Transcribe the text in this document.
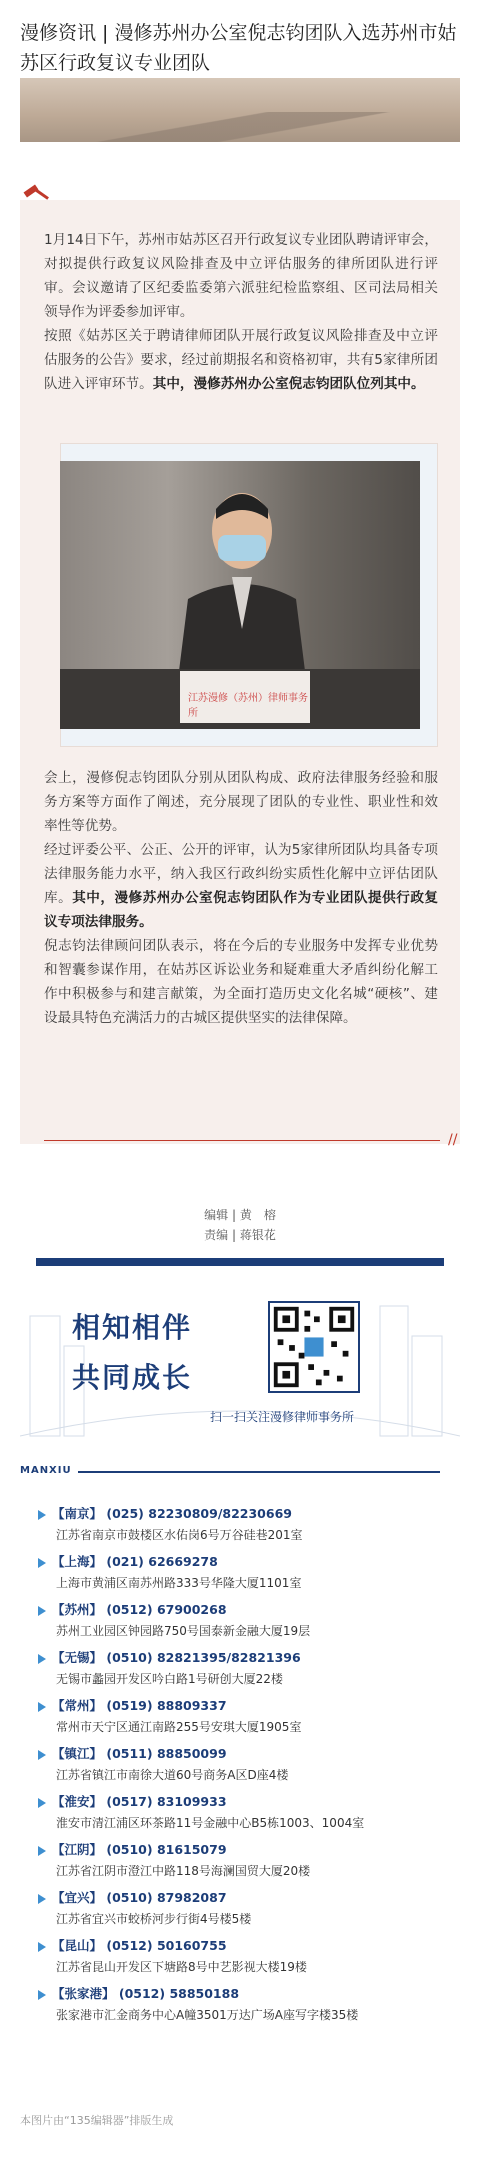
漫修资讯 | 漫修苏州办公室倪志钧团队入选苏州市姑苏区行政复议专业团队
1月14日下午，苏州市姑苏区召开行政复议专业团队聘请评审会，对拟提供行政复议风险排查及中立评估服务的律所团队进行评审。会议邀请了区纪委监委第六派驻纪检监察组、区司法局相关领导作为评委参加评审。
按照《姑苏区关于聘请律师团队开展行政复议风险排查及中立评估服务的公告》要求，经过前期报名和资格初审，共有5家律所团队进入评审环节。其中，漫修苏州办公室倪志钧团队位列其中。
江苏漫修（苏州）律师事务所
会上，漫修倪志钧团队分别从团队构成、政府法律服务经验和服务方案等方面作了阐述，充分展现了团队的专业性、职业性和效率性等优势。
经过评委公平、公正、公开的评审，认为5家律所团队均具备专项法律服务能力水平，纳入我区行政纠纷实质性化解中立评估团队库。其中，漫修苏州办公室倪志钧团队作为专业团队提供行政复议专项法律服务。
倪志钧法律顾问团队表示，将在今后的专业服务中发挥专业优势和智囊参谋作用，在姑苏区诉讼业务和疑难重大矛盾纠纷化解工作中积极参与和建言献策，为全面打造历史文化名城“硬核”、建设最具特色充满活力的古城区提供坚实的法律保障。
//
编辑 | 黄　榕
责编 | 蒋银花
相知相伴
共同成长
扫一扫关注漫修律师事务所
MANXIU
【南京】 (025) 82230809/82230669
江苏省南京市鼓楼区水佑岗6号万谷硅巷201室
【上海】 (021) 62669278
上海市黄浦区南苏州路333号华隆大厦1101室
【苏州】 (0512) 67900268
苏州工业园区钟园路750号国泰新金融大厦19层
【无锡】 (0510) 82821395/82821396
无锡市蠡园开发区吟白路1号研创大厦22楼
【常州】 (0519) 88809337
常州市天宁区通江南路255号安琪大厦1905室
【镇江】 (0511) 88850099
江苏省镇江市南徐大道60号商务A区D座4楼
【淮安】 (0517) 83109933
淮安市清江浦区环茶路11号金融中心B5栋1003、1004室
【江阴】 (0510) 81615079
江苏省江阴市澄江中路118号海澜国贸大厦20楼
【宜兴】 (0510) 87982087
江苏省宜兴市蛟桥河步行街4号楼5楼
【昆山】 (0512) 50160755
江苏省昆山开发区下塘路8号中艺影视大楼19楼
【张家港】 (0512) 58850188
张家港市汇金商务中心A幢3501万达广场A座写字楼35楼
本图片由“135编辑器”排版生成
